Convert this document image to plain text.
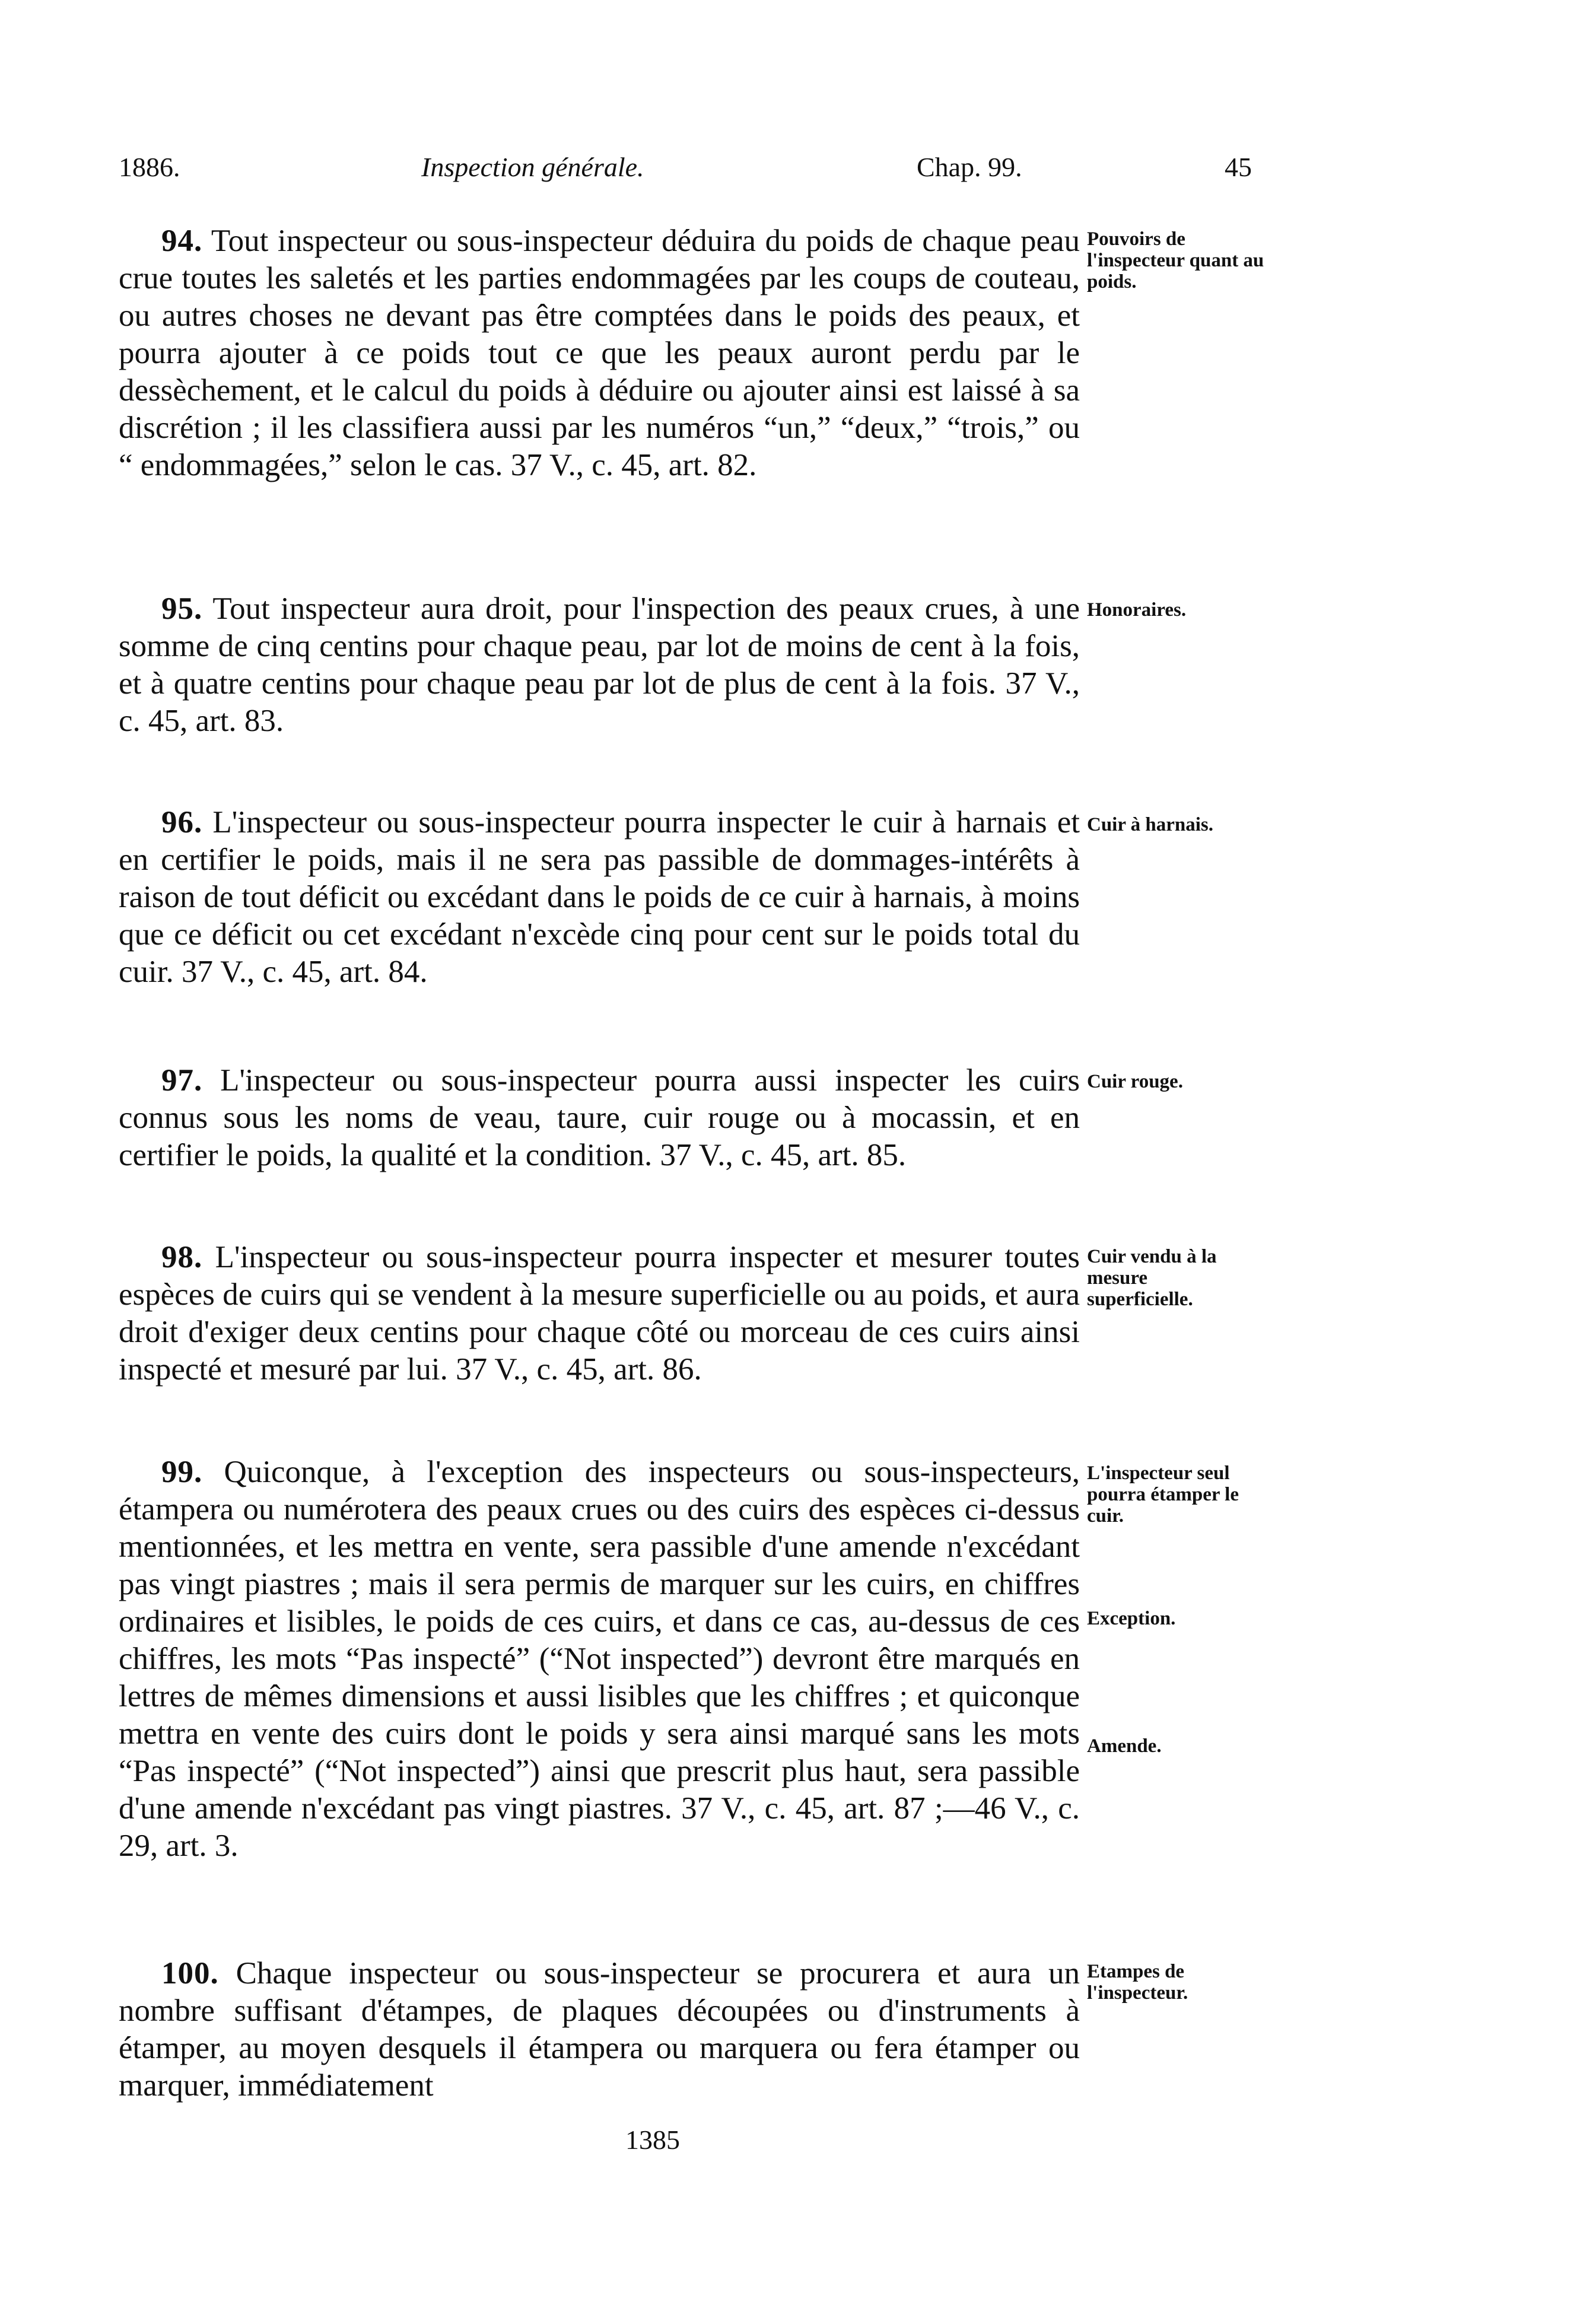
1886.	Inspection générale.	Chap. 99.	45

94. Tout inspecteur ou sous-inspecteur déduira du poids de chaque peau crue toutes les saletés et les parties endommagées par les coups de couteau, ou autres choses ne devant pas être comptées dans le poids des peaux, et pourra ajouter à ce poids tout ce que les peaux auront perdu par le dessèchement, et le calcul du poids à déduire ou ajouter ainsi est laissé à sa discrétion ; il les classifiera aussi par les numéros “un,” “deux,” “trois,” ou “ endommagées,” selon le cas. 37 V., c. 45, art. 82.

Pouvoirs de l'inspecteur quant au poids.

95. Tout inspecteur aura droit, pour l'inspection des peaux crues, à une somme de cinq centins pour chaque peau, par lot de moins de cent à la fois, et à quatre centins pour chaque peau par lot de plus de cent à la fois. 37 V., c. 45, art. 83.

Honoraires.

96. L'inspecteur ou sous-inspecteur pourra inspecter le cuir à harnais et en certifier le poids, mais il ne sera pas passible de dommages-intérêts à raison de tout déficit ou excédant dans le poids de ce cuir à harnais, à moins que ce déficit ou cet excédant n'excède cinq pour cent sur le poids total du cuir. 37 V., c. 45, art. 84.

Cuir à harnais.

97. L'inspecteur ou sous-inspecteur pourra aussi inspecter les cuirs connus sous les noms de veau, taure, cuir rouge ou à mocassin, et en certifier le poids, la qualité et la condition. 37 V., c. 45, art. 85.

Cuir rouge.

98. L'inspecteur ou sous-inspecteur pourra inspecter et mesurer toutes espèces de cuirs qui se vendent à la mesure superficielle ou au poids, et aura droit d'exiger deux centins pour chaque côté ou morceau de ces cuirs ainsi inspecté et mesuré par lui. 37 V., c. 45, art. 86.

Cuir vendu à la mesure superficielle.

99. Quiconque, à l'exception des inspecteurs ou sous-inspecteurs, étampera ou numérotera des peaux crues ou des cuirs des espèces ci-dessus mentionnées, et les mettra en vente, sera passible d'une amende n'excédant pas vingt piastres ; mais il sera permis de marquer sur les cuirs, en chiffres ordinaires et lisibles, le poids de ces cuirs, et dans ce cas, au-dessus de ces chiffres, les mots “Pas inspecté” (“Not inspected”) devront être marqués en lettres de mêmes dimensions et aussi lisibles que les chiffres ; et quiconque mettra en vente des cuirs dont le poids y sera ainsi marqué sans les mots “Pas inspecté” (“Not inspected”) ainsi que prescrit plus haut, sera passible d'une amende n'excédant pas vingt piastres. 37 V., c. 45, art. 87 ;—46 V., c. 29, art. 3.

L'inspecteur seul pourra étamper le cuir.

Exception.

Amende.

100. Chaque inspecteur ou sous-inspecteur se procurera et aura un nombre suffisant d'étampes, de plaques découpées ou d'instruments à étamper, au moyen desquels il étampera ou marquera ou fera étamper ou marquer, immédiatement

Etampes de l'inspecteur.

1385
